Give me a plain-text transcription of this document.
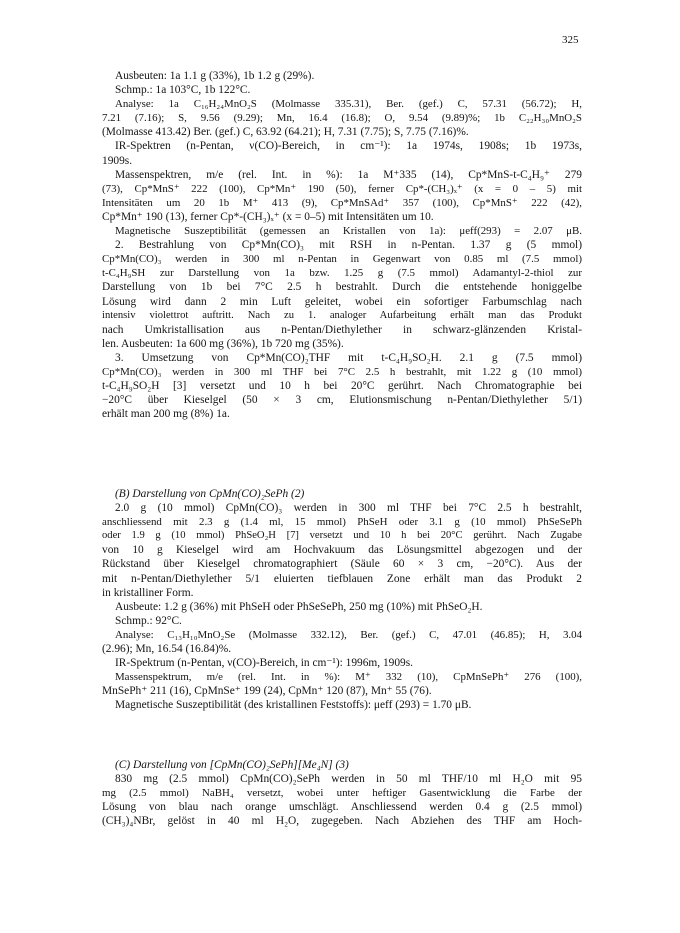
325
Ausbeuten: 1a 1.1 g (33%), 1b 1.2 g (29%).
Schmp.: 1a 103°C, 1b 122°C.
Analyse: 1a C₁₆H₂₄MnO₂S (Molmasse 335.31), Ber. (gef.) C, 57.31 (56.72); H,
7.21 (7.16); S, 9.56 (9.29); Mn, 16.4 (16.8); O, 9.54 (9.89)%; 1b C₂₂H₃₀MnO₂S
(Molmasse 413.42) Ber. (gef.) C, 63.92 (64.21); H, 7.31 (7.75); S, 7.75 (7.16)%.
IR-Spektren (n-Pentan, ν(CO)-Bereich, in cm⁻¹): 1a 1974s, 1908s; 1b 1973s,
1909s.
Massenspektren, m/e (rel. Int. in %): 1a M⁺335 (14), Cp*MnS-t-C₄H₉⁺ 279
(73), Cp*MnS⁺ 222 (100), Cp*Mn⁺ 190 (50), ferner Cp*-(CH₃)ₓ⁺ (x = 0 – 5) mit
Intensitäten um 20 1b M⁺ 413 (9), Cp*MnSAd⁺ 357 (100), Cp*MnS⁺ 222 (42),
Cp*Mn⁺ 190 (13), ferner Cp*-(CH₃)ₓ⁺ (x = 0–5) mit Intensitäten um 10.
Magnetische Suszeptibilität (gemessen an Kristallen von 1a): μeff(293) = 2.07 μB.
2. Bestrahlung von Cp*Mn(CO)₃ mit RSH in n-Pentan. 1.37 g (5 mmol)
Cp*Mn(CO)₃ werden in 300 ml n-Pentan in Gegenwart von 0.85 ml (7.5 mmol)
t-C₄H₉SH zur Darstellung von 1a bzw. 1.25 g (7.5 mmol) Adamantyl-2-thiol zur
Darstellung von 1b bei 7°C 2.5 h bestrahlt. Durch die entstehende honiggelbe
Lösung wird dann 2 min Luft geleitet, wobei ein sofortiger Farbumschlag nach
intensiv violettrot auftritt. Nach zu 1. analoger Aufarbeitung erhält man das Produkt
nach Umkristallisation aus n-Pentan/Diethylether in schwarz-glänzenden Kristal-
len. Ausbeuten: 1a 600 mg (36%), 1b 720 mg (35%).
3. Umsetzung von Cp*Mn(CO)₂THF mit t-C₄H₉SO₂H. 2.1 g (7.5 mmol)
Cp*Mn(CO)₃ werden in 300 ml THF bei 7°C 2.5 h bestrahlt, mit 1.22 g (10 mmol)
t-C₄H₉SO₂H [3] versetzt und 10 h bei 20°C gerührt. Nach Chromatographie bei
−20°C über Kieselgel (50 × 3 cm, Elutionsmischung n-Pentan/Diethylether 5/1)
erhält man 200 mg (8%) 1a.
(B) Darstellung von CpMn(CO)₂SePh (2)
2.0 g (10 mmol) CpMn(CO)₃ werden in 300 ml THF bei 7°C 2.5 h bestrahlt,
anschliessend mit 2.3 g (1.4 ml, 15 mmol) PhSeH oder 3.1 g (10 mmol) PhSeSePh
oder 1.9 g (10 mmol) PhSeO₂H [7] versetzt und 10 h bei 20°C gerührt. Nach Zugabe
von 10 g Kieselgel wird am Hochvakuum das Lösungsmittel abgezogen und der
Rückstand über Kieselgel chromatographiert (Säule 60 × 3 cm, −20°C). Aus der
mit n-Pentan/Diethylether 5/1 eluierten tiefblauen Zone erhält man das Produkt 2
in kristalliner Form.
Ausbeute: 1.2 g (36%) mit PhSeH oder PhSeSePh, 250 mg (10%) mit PhSeO₂H.
Schmp.: 92°C.
Analyse: C₁₃H₁₀MnO₂Se (Molmasse 332.12), Ber. (gef.) C, 47.01 (46.85); H, 3.04
(2.96); Mn, 16.54 (16.84)%.
IR-Spektrum (n-Pentan, ν(CO)-Bereich, in cm⁻¹): 1996m, 1909s.
Massenspektrum, m/e (rel. Int. in %): M⁺ 332 (10), CpMnSePh⁺ 276 (100),
MnSePh⁺ 211 (16), CpMnSe⁺ 199 (24), CpMn⁺ 120 (87), Mn⁺ 55 (76).
Magnetische Suszeptibilität (des kristallinen Feststoffs): μeff (293) = 1.70 μB.
(C) Darstellung von [CpMn(CO)₂SePh][Me₄N] (3)
830 mg (2.5 mmol) CpMn(CO)₂SePh werden in 50 ml THF/10 ml H₂O mit 95
mg (2.5 mmol) NaBH₄ versetzt, wobei unter heftiger Gasentwicklung die Farbe der
Lösung von blau nach orange umschlägt. Anschliessend werden 0.4 g (2.5 mmol)
(CH₃)₄NBr, gelöst in 40 ml H₂O, zugegeben. Nach Abziehen des THF am Hoch-
